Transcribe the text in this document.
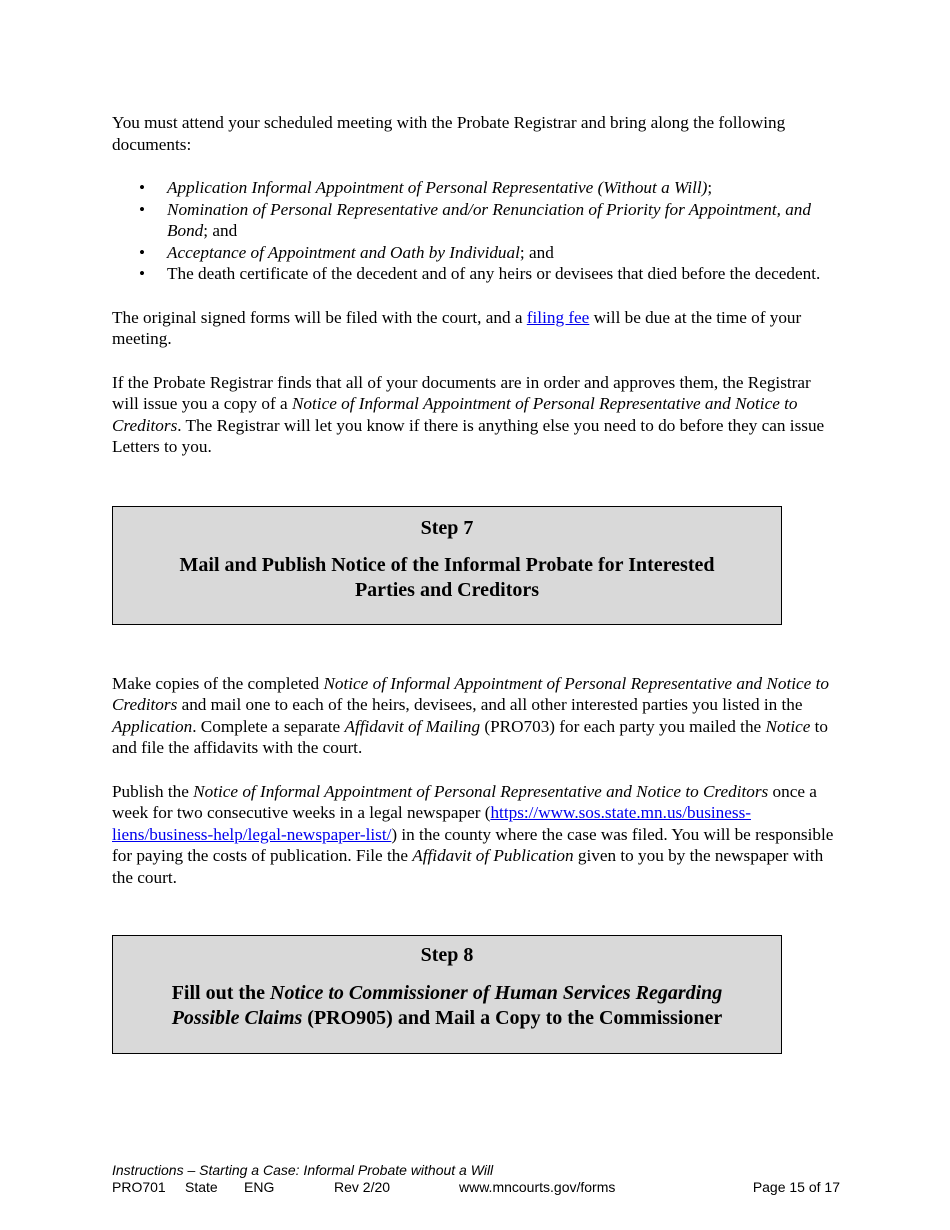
You must attend your scheduled meeting with the Probate Registrar and bring along the following documents:

• Application Informal Appointment of Personal Representative (Without a Will);
• Nomination of Personal Representative and/or Renunciation of Priority for Appointment, and Bond; and
• Acceptance of Appointment and Oath by Individual; and
• The death certificate of the decedent and of any heirs or devisees that died before the decedent.

The original signed forms will be filed with the court, and a filing fee will be due at the time of your meeting.

If the Probate Registrar finds that all of your documents are in order and approves them, the Registrar will issue you a copy of a Notice of Informal Appointment of Personal Representative and Notice to Creditors. The Registrar will let you know if there is anything else you need to do before they can issue Letters to you.

Step 7
Mail and Publish Notice of the Informal Probate for Interested Parties and Creditors

Make copies of the completed Notice of Informal Appointment of Personal Representative and Notice to Creditors and mail one to each of the heirs, devisees, and all other interested parties you listed in the Application. Complete a separate Affidavit of Mailing (PRO703) for each party you mailed the Notice to and file the affidavits with the court.

Publish the Notice of Informal Appointment of Personal Representative and Notice to Creditors once a week for two consecutive weeks in a legal newspaper (https://www.sos.state.mn.us/business-liens/business-help/legal-newspaper-list/) in the county where the case was filed. You will be responsible for paying the costs of publication. File the Affidavit of Publication given to you by the newspaper with the court.

Step 8
Fill out the Notice to Commissioner of Human Services Regarding Possible Claims (PRO905) and Mail a Copy to the Commissioner
Instructions – Starting a Case: Informal Probate without a Will
PRO701 State ENG	Rev 2/20	www.mncourts.gov/forms	Page 15 of 17
